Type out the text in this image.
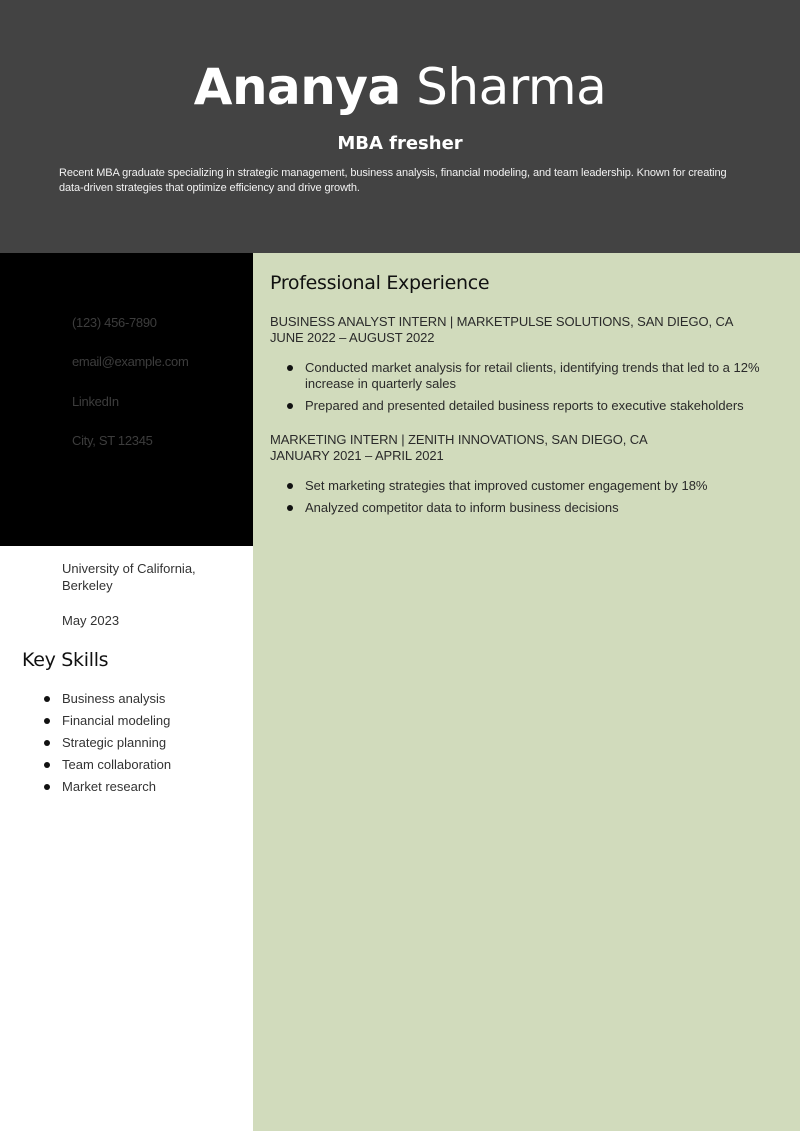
Ananya Sharma
MBA fresher
Recent MBA graduate specializing in strategic management, business analysis, financial modeling, and team leadership. Known for creating data-driven strategies that optimize efficiency and drive growth.
(123) 456-7890
email@example.com
LinkedIn
City, ST 12345
University of California, Berkeley
May 2023
Key Skills
Business analysis
Financial modeling
Strategic planning
Team collaboration
Market research
Professional Experience
BUSINESS ANALYST INTERN | MARKETPULSE SOLUTIONS, SAN DIEGO, CA
JUNE 2022 – AUGUST 2022
Conducted market analysis for retail clients, identifying trends that led to a 12% increase in quarterly sales
Prepared and presented detailed business reports to executive stakeholders
MARKETING INTERN | ZENITH INNOVATIONS, SAN DIEGO, CA
JANUARY 2021 – APRIL 2021
Set marketing strategies that improved customer engagement by 18%
Analyzed competitor data to inform business decisions
